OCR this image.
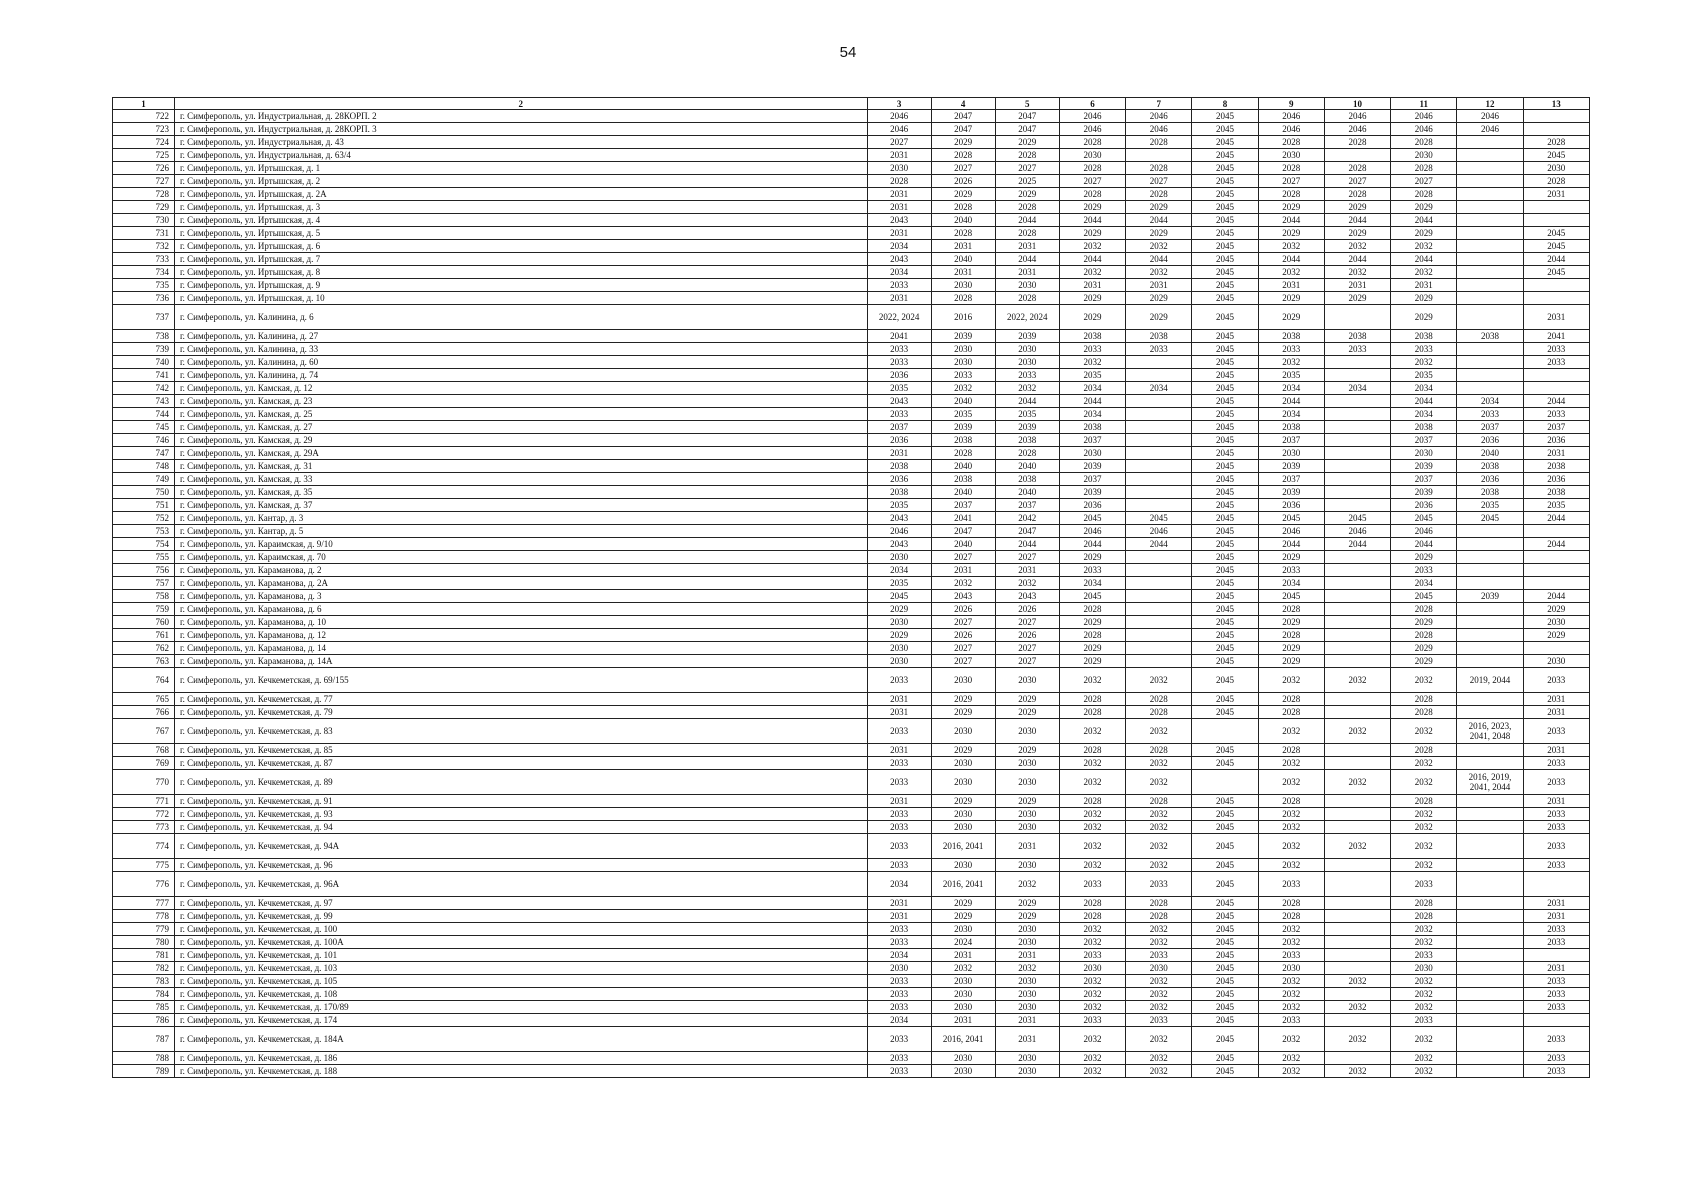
54
1	2	3	4	5	6	7	8	9	10	11	12	13
722	г. Симферополь, ул. Индустриальная, д. 28КОРП. 2	2046	2047	2047	2046	2046	2045	2046	2046	2046	2046	
723	г. Симферополь, ул. Индустриальная, д. 28КОРП. 3	2046	2047	2047	2046	2046	2045	2046	2046	2046	2046	
724	г. Симферополь, ул. Индустриальная, д. 43	2027	2029	2029	2028	2028	2045	2028	2028	2028		2028
725	г. Симферополь, ул. Индустриальная, д. 63/4	2031	2028	2028	2030		2045	2030		2030		2045
726	г. Симферополь, ул. Иртышская, д. 1	2030	2027	2027	2028	2028	2045	2028	2028	2028		2030
727	г. Симферополь, ул. Иртышская, д. 2	2028	2026	2025	2027	2027	2045	2027	2027	2027		2028
728	г. Симферополь, ул. Иртышская, д. 2А	2031	2029	2029	2028	2028	2045	2028	2028	2028		2031
729	г. Симферополь, ул. Иртышская, д. 3	2031	2028	2028	2029	2029	2045	2029	2029	2029		
730	г. Симферополь, ул. Иртышская, д. 4	2043	2040	2044	2044	2044	2045	2044	2044	2044		
731	г. Симферополь, ул. Иртышская, д. 5	2031	2028	2028	2029	2029	2045	2029	2029	2029		2045
732	г. Симферополь, ул. Иртышская, д. 6	2034	2031	2031	2032	2032	2045	2032	2032	2032		2045
733	г. Симферополь, ул. Иртышская, д. 7	2043	2040	2044	2044	2044	2045	2044	2044	2044		2044
734	г. Симферополь, ул. Иртышская, д. 8	2034	2031	2031	2032	2032	2045	2032	2032	2032		2045
735	г. Симферополь, ул. Иртышская, д. 9	2033	2030	2030	2031	2031	2045	2031	2031	2031		
736	г. Симферополь, ул. Иртышская, д. 10	2031	2028	2028	2029	2029	2045	2029	2029	2029		
737	г. Симферополь, ул. Калинина, д. 6	2022, 2024	2016	2022, 2024	2029	2029	2045	2029		2029		2031
738	г. Симферополь, ул. Калинина, д. 27	2041	2039	2039	2038	2038	2045	2038	2038	2038	2038	2041
739	г. Симферополь, ул. Калинина, д. 33	2033	2030	2030	2033	2033	2045	2033	2033	2033		2033
740	г. Симферополь, ул. Калинина, д. 60	2033	2030	2030	2032		2045	2032		2032		2033
741	г. Симферополь, ул. Калинина, д. 74	2036	2033	2033	2035		2045	2035		2035		
742	г. Симферополь, ул. Камская, д. 12	2035	2032	2032	2034	2034	2045	2034	2034	2034		
743	г. Симферополь, ул. Камская, д. 23	2043	2040	2044	2044		2045	2044		2044	2034	2044
744	г. Симферополь, ул. Камская, д. 25	2033	2035	2035	2034		2045	2034		2034	2033	2033
745	г. Симферополь, ул. Камская, д. 27	2037	2039	2039	2038		2045	2038		2038	2037	2037
746	г. Симферополь, ул. Камская, д. 29	2036	2038	2038	2037		2045	2037		2037	2036	2036
747	г. Симферополь, ул. Камская, д. 29А	2031	2028	2028	2030		2045	2030		2030	2040	2031
748	г. Симферополь, ул. Камская, д. 31	2038	2040	2040	2039		2045	2039		2039	2038	2038
749	г. Симферополь, ул. Камская, д. 33	2036	2038	2038	2037		2045	2037		2037	2036	2036
750	г. Симферополь, ул. Камская, д. 35	2038	2040	2040	2039		2045	2039		2039	2038	2038
751	г. Симферополь, ул. Камская, д. 37	2035	2037	2037	2036		2045	2036		2036	2035	2035
752	г. Симферополь, ул. Кантар, д. 3	2043	2041	2042	2045	2045	2045	2045	2045	2045	2045	2044
753	г. Симферополь, ул. Кантар, д. 5	2046	2047	2047	2046	2046	2045	2046	2046	2046		
754	г. Симферополь, ул. Караимская, д. 9/10	2043	2040	2044	2044	2044	2045	2044	2044	2044		2044
755	г. Симферополь, ул. Караимская, д. 70	2030	2027	2027	2029		2045	2029		2029		
756	г. Симферополь, ул. Карамановa, д. 2	2034	2031	2031	2033		2045	2033		2033		
757	г. Симферополь, ул. Карамановa, д. 2А	2035	2032	2032	2034		2045	2034		2034		
758	г. Симферополь, ул. Карамановa, д. 3	2045	2043	2043	2045		2045	2045		2045	2039	2044
759	г. Симферополь, ул. Карамановa, д. 6	2029	2026	2026	2028		2045	2028		2028		2029
760	г. Симферополь, ул. Карамановa, д. 10	2030	2027	2027	2029		2045	2029		2029		2030
761	г. Симферополь, ул. Карамановa, д. 12	2029	2026	2026	2028		2045	2028		2028		2029
762	г. Симферополь, ул. Карамановa, д. 14	2030	2027	2027	2029		2045	2029		2029		
763	г. Симферополь, ул. Карамановa, д. 14А	2030	2027	2027	2029		2045	2029		2029		2030
764	г. Симферополь, ул. Кечкеметская, д. 69/155	2033	2030	2030	2032	2032	2045	2032	2032	2032	2019, 2044	2033
765	г. Симферополь, ул. Кечкеметская, д. 77	2031	2029	2029	2028	2028	2045	2028		2028		2031
766	г. Симферополь, ул. Кечкеметская, д. 79	2031	2029	2029	2028	2028	2045	2028		2028		2031
767	г. Симферополь, ул. Кечкеметская, д. 83	2033	2030	2030	2032	2032		2032	2032	2032	2016, 2023, 2041, 2048	2033
768	г. Симферополь, ул. Кечкеметская, д. 85	2031	2029	2029	2028	2028	2045	2028		2028		2031
769	г. Симферополь, ул. Кечкеметская, д. 87	2033	2030	2030	2032	2032	2045	2032		2032		2033
770	г. Симферополь, ул. Кечкеметская, д. 89	2033	2030	2030	2032	2032		2032	2032	2032	2016, 2019, 2041, 2044	2033
771	г. Симферополь, ул. Кечкеметская, д. 91	2031	2029	2029	2028	2028	2045	2028		2028		2031
772	г. Симферополь, ул. Кечкеметская, д. 93	2033	2030	2030	2032	2032	2045	2032		2032		2033
773	г. Симферополь, ул. Кечкеметская, д. 94	2033	2030	2030	2032	2032	2045	2032		2032		2033
774	г. Симферополь, ул. Кечкеметская, д. 94А	2033	2016, 2041	2031	2032	2032	2045	2032	2032	2032		2033
775	г. Симферополь, ул. Кечкеметская, д. 96	2033	2030	2030	2032	2032	2045	2032		2032		2033
776	г. Симферополь, ул. Кечкеметская, д. 96А	2034	2016, 2041	2032	2033	2033	2045	2033		2033		
777	г. Симферополь, ул. Кечкеметская, д. 97	2031	2029	2029	2028	2028	2045	2028		2028		2031
778	г. Симферополь, ул. Кечкеметская, д. 99	2031	2029	2029	2028	2028	2045	2028		2028		2031
779	г. Симферополь, ул. Кечкеметская, д. 100	2033	2030	2030	2032	2032	2045	2032		2032		2033
780	г. Симферополь, ул. Кечкеметская, д. 100А	2033	2024	2030	2032	2032	2045	2032		2032		2033
781	г. Симферополь, ул. Кечкеметская, д. 101	2034	2031	2031	2033	2033	2045	2033		2033		
782	г. Симферополь, ул. Кечкеметская, д. 103	2030	2032	2032	2030	2030	2045	2030		2030		2031
783	г. Симферополь, ул. Кечкеметская, д. 105	2033	2030	2030	2032	2032	2045	2032	2032	2032		2033
784	г. Симферополь, ул. Кечкеметская, д. 108	2033	2030	2030	2032	2032	2045	2032		2032		2033
785	г. Симферополь, ул. Кечкеметская, д. 170/89	2033	2030	2030	2032	2032	2045	2032	2032	2032		2033
786	г. Симферополь, ул. Кечкеметская, д. 174	2034	2031	2031	2033	2033	2045	2033		2033		
787	г. Симферополь, ул. Кечкеметская, д. 184А	2033	2016, 2041	2031	2032	2032	2045	2032	2032	2032		2033
788	г. Симферополь, ул. Кечкеметская, д. 186	2033	2030	2030	2032	2032	2045	2032		2032		2033
789	г. Симферополь, ул. Кечкеметская, д. 188	2033	2030	2030	2032	2032	2045	2032	2032	2032		2033
